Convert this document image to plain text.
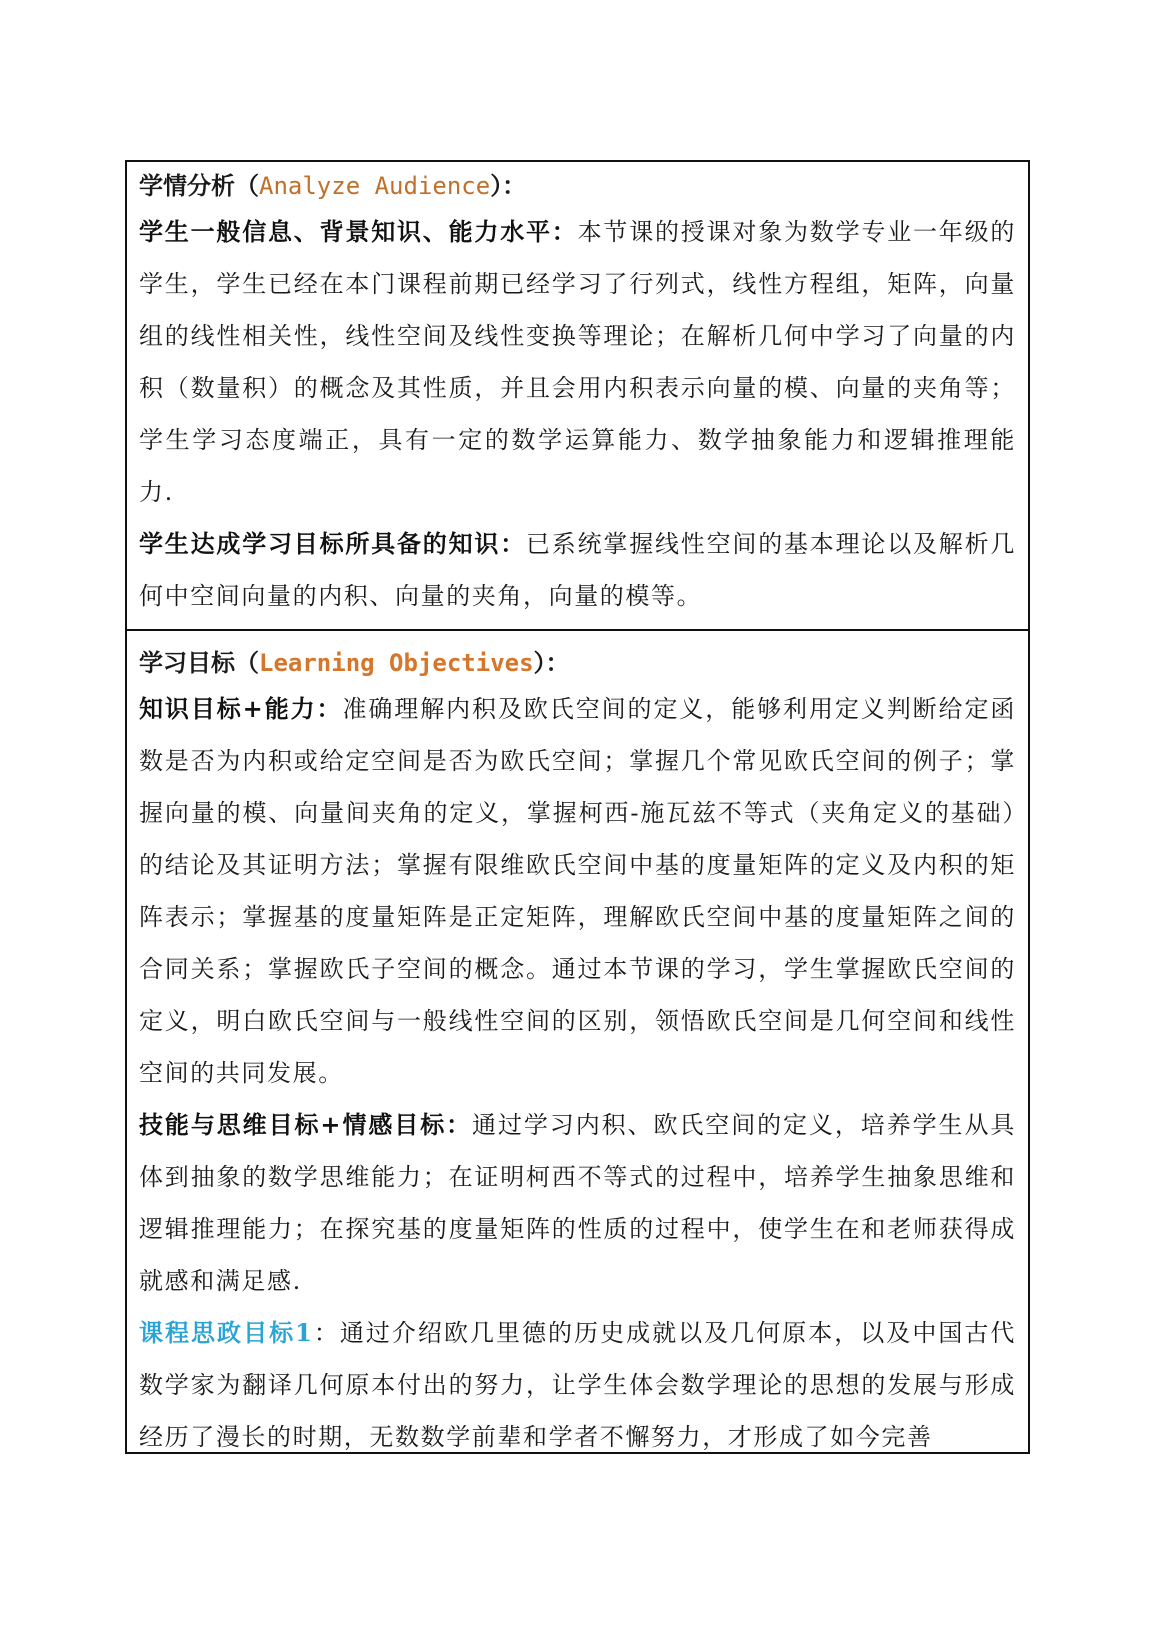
学情分析（Analyze Audience）：

学生一般信息、背景知识、能力水平：本节课的授课对象为数学专业一年级的学生，学生已经在本门课程前期已经学习了行列式，线性方程组，矩阵，向量组的线性相关性，线性空间及线性变换等理论；在解析几何中学习了向量的内积（数量积）的概念及其性质，并且会用内积表示向量的模、向量的夹角等；学生学习态度端正，具有一定的数学运算能力、数学抽象能力和逻辑推理能力.

学生达成学习目标所具备的知识：已系统掌握线性空间的基本理论以及解析几何中空间向量的内积、向量的夹角，向量的模等。

学习目标（Learning Objectives）：

知识目标+能力：准确理解内积及欧氏空间的定义，能够利用定义判断给定函数是否为内积或给定空间是否为欧氏空间；掌握几个常见欧氏空间的例子；掌握向量的模、向量间夹角的定义，掌握柯西-施瓦兹不等式（夹角定义的基础）的结论及其证明方法；掌握有限维欧氏空间中基的度量矩阵的定义及内积的矩阵表示；掌握基的度量矩阵是正定矩阵，理解欧氏空间中基的度量矩阵之间的合同关系；掌握欧氏子空间的概念。通过本节课的学习，学生掌握欧氏空间的定义，明白欧氏空间与一般线性空间的区别，领悟欧氏空间是几何空间和线性空间的共同发展。

技能与思维目标+情感目标：通过学习内积、欧氏空间的定义，培养学生从具体到抽象的数学思维能力；在证明柯西不等式的过程中，培养学生抽象思维和逻辑推理能力；在探究基的度量矩阵的性质的过程中，使学生在和老师获得成就感和满足感.

课程思政目标1：通过介绍欧几里德的历史成就以及几何原本，以及中国古代数学家为翻译几何原本付出的努力，让学生体会数学理论的思想的发展与形成经历了漫长的时期，无数数学前辈和学者不懈努力，才形成了如今完善
